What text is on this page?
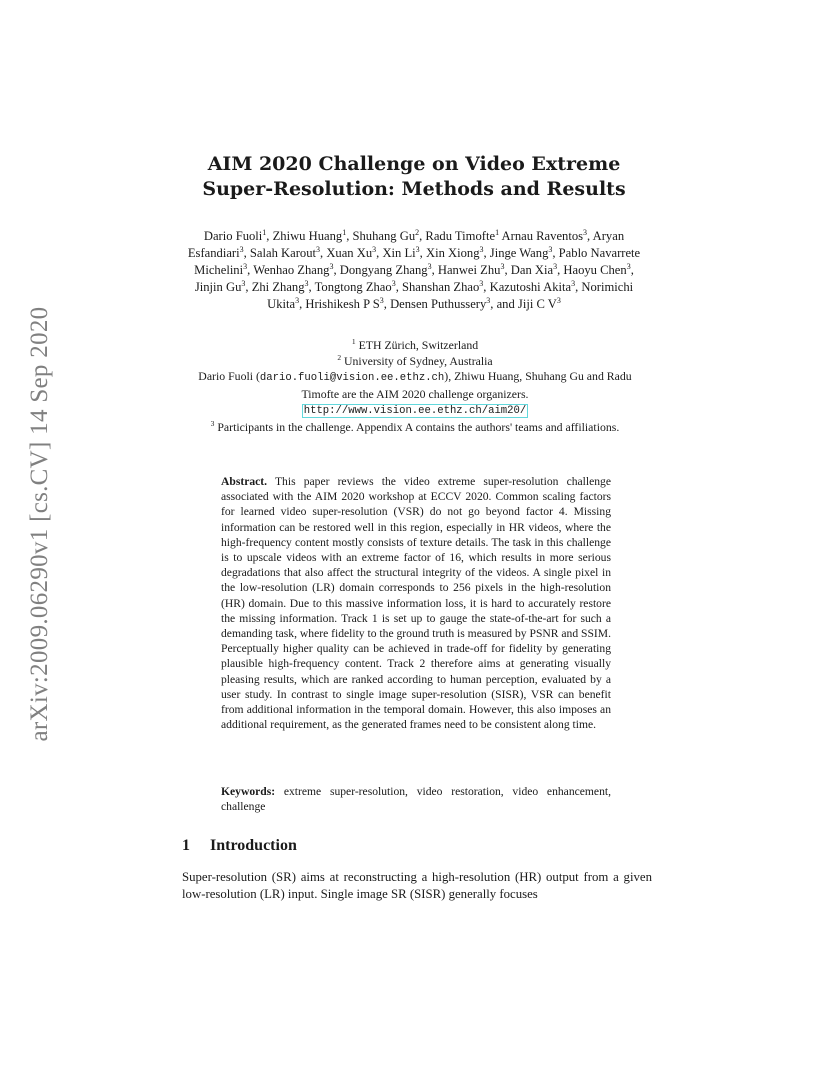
arXiv:2009.06290v1 [cs.CV] 14 Sep 2020
AIM 2020 Challenge on Video Extreme
Super-Resolution: Methods and Results
Dario Fuoli$^1$, Zhiwu Huang$^1$, Shuhang Gu$^2$, Radu Timofte$^1$ Arnau Raventos$^3$, Aryan Esfandiari$^3$, Salah Karout$^3$, Xuan Xu$^3$, Xin Li$^3$, Xin Xiong$^3$, Jinge Wang$^3$, Pablo Navarrete Michelini$^3$, Wenhao Zhang$^3$, Dongyang Zhang$^3$, Hanwei Zhu$^3$, Dan Xia$^3$, Haoyu Chen$^3$, Jinjin Gu$^3$, Zhi Zhang$^3$, Tongtong Zhao$^3$, Shanshan Zhao$^3$, Kazutoshi Akita$^3$, Norimichi Ukita$^3$, Hrishikesh P $S^3$, Densen Puthussery$^3$, and Jiji C $V^3$
$^1$ ETH Zürich, Switzerland
$^2$ University of Sydney, Australia
Dario Fuoli (dario.fuoli@vision.ee.ethz.ch), Zhiwu Huang, Shuhang Gu and Radu Timofte are the AIM 2020 challenge organizers.
http://www.vision.ee.ethz.ch/aim20/
$^3$ Participants in the challenge. Appendix A contains the authors' teams and affiliations.

Abstract. This paper reviews the video extreme super-resolution challenge associated with the AIM 2020 workshop at ECCV 2020. Common scaling factors for learned video super-resolution (VSR) do not go beyond factor 4. Missing information can be restored well in this region, especially in HR videos, where the high-frequency content mostly consists of texture details. The task in this challenge is to upscale videos with an extreme factor of 16, which results in more serious degradations that also affect the structural integrity of the videos. A single pixel in the low-resolution (LR) domain corresponds to 256 pixels in the high-resolution (HR) domain. Due to this massive information loss, it is hard to accurately restore the missing information. Track 1 is set up to gauge the state-of-the-art for such a demanding task, where fidelity to the ground truth is measured by PSNR and SSIM. Perceptually higher quality can be achieved in trade-off for fidelity by generating plausible high-frequency content. Track 2 therefore aims at generating visually pleasing results, which are ranked according to human perception, evaluated by a user study. In contrast to single image super-resolution (SISR), VSR can benefit from additional information in the temporal domain. However, this also imposes an additional requirement, as the generated frames need to be consistent along time.

Keywords: extreme super-resolution, video restoration, video enhancement, challenge

1 Introduction

Super-resolution (SR) aims at reconstructing a high-resolution (HR) output from a given low-resolution (LR) input. Single image SR (SISR) generally focuses
